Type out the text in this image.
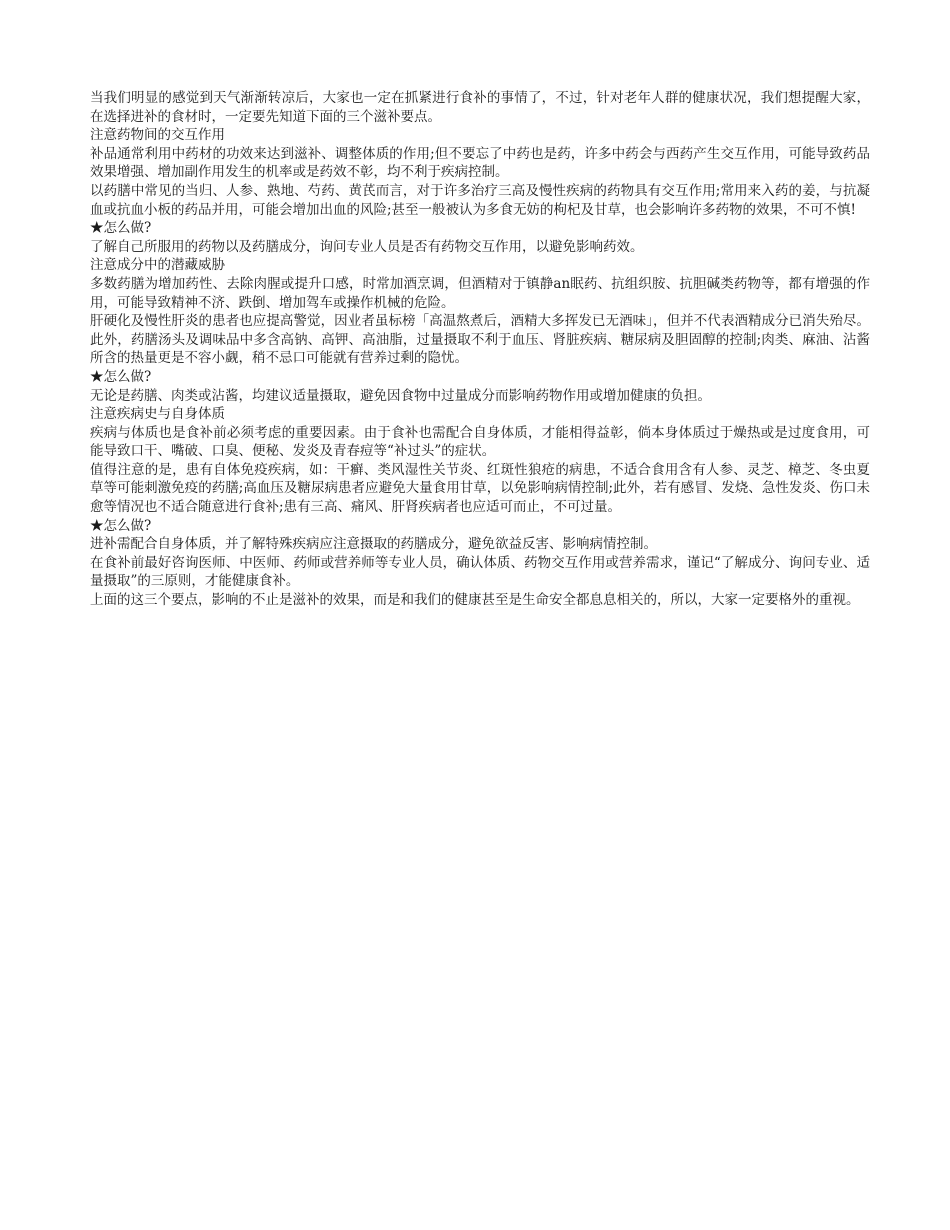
当我们明显的感觉到天气渐渐转凉后，大家也一定在抓紧进行食补的事情了，不过，针对老年人群的健康状况，我们想提醒大家，在选择进补的食材时，一定要先知道下面的三个滋补要点。

注意药物间的交互作用

补品通常利用中药材的功效来达到滋补、调整体质的作用;但不要忘了中药也是药，许多中药会与西药产生交互作用，可能导致药品效果增强、增加副作用发生的机率或是药效不彰，均不利于疾病控制。

以药膳中常见的当归、人参、熟地、芍药、黄芪而言，对于许多治疗三高及慢性疾病的药物具有交互作用;常用来入药的姜，与抗凝血或抗血小板的药品并用，可能会增加出血的风险;甚至一般被认为多食无妨的枸杞及甘草，也会影响许多药物的效果，不可不慎!

★怎么做?

了解自己所服用的药物以及药膳成分，询问专业人员是否有药物交互作用，以避免影响药效。

注意成分中的潜藏威胁

多数药膳为增加药性、去除肉腥或提升口感，时常加酒烹调，但酒精对于镇静an眠药、抗组织胺、抗胆碱类药物等，都有增强的作用，可能导致精神不济、跌倒、增加驾车或操作机械的危险。

肝硬化及慢性肝炎的患者也应提高警觉，因业者虽标榜「高温熬煮后，酒精大多挥发已无酒味」，但并不代表酒精成分已消失殆尽。此外，药膳汤头及调味品中多含高钠、高钾、高油脂，过量摄取不利于血压、肾脏疾病、糖尿病及胆固醇的控制;肉类、麻油、沾酱所含的热量更是不容小觑，稍不忌口可能就有营养过剩的隐忧。

★怎么做?

无论是药膳、肉类或沾酱，均建议适量摄取，避免因食物中过量成分而影响药物作用或增加健康的负担。

注意疾病史与自身体质

疾病与体质也是食补前必须考虑的重要因素。由于食补也需配合自身体质，才能相得益彰，倘本身体质过于燥热或是过度食用，可能导致口干、嘴破、口臭、便秘、发炎及青春痘等“补过头”的症状。

值得注意的是，患有自体免疫疾病，如：干癣、类风湿性关节炎、红斑性狼疮的病患，不适合食用含有人参、灵芝、樟芝、冬虫夏草等可能刺激免疫的药膳;高血压及糖尿病患者应避免大量食用甘草，以免影响病情控制;此外，若有感冒、发烧、急性发炎、伤口未愈等情况也不适合随意进行食补;患有三高、痛风、肝肾疾病者也应适可而止，不可过量。

★怎么做?

进补需配合自身体质，并了解特殊疾病应注意摄取的药膳成分，避免欲益反害、影响病情控制。

在食补前最好咨询医师、中医师、药师或营养师等专业人员，确认体质、药物交互作用或营养需求，谨记“了解成分、询问专业、适量摄取”的三原则，才能健康食补。

上面的这三个要点，影响的不止是滋补的效果，而是和我们的健康甚至是生命安全都息息相关的，所以，大家一定要格外的重视。
